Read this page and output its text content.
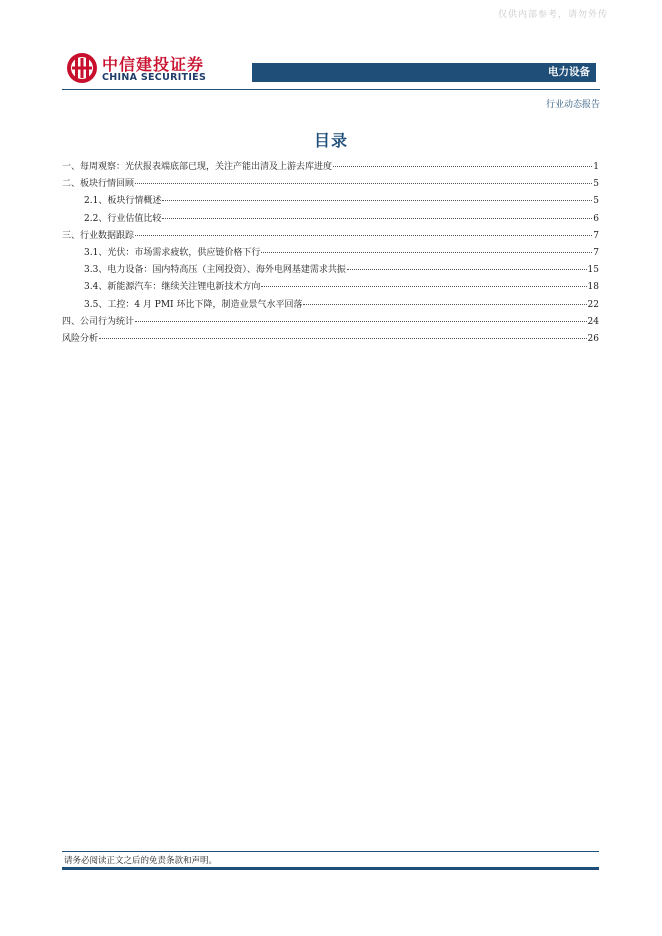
仅供内部参考，请勿外传
中信建投证券
CHINA SECURITIES	电力设备
行业动态报告
目录
一、每周观察：光伏报表端底部已现，关注产能出清及上游去库进度	1
二、板块行情回顾	5
2.1、板块行情概述	5
2.2、行业估值比较	6
三、行业数据跟踪	7
3.1、光伏：市场需求疲软，供应链价格下行	7
3.3、电力设备：国内特高压（主网投资）、海外电网基建需求共振	15
3.4、新能源汽车：继续关注锂电新技术方向	18
3.5、工控：4 月 PMI 环比下降，制造业景气水平回落	22
四、公司行为统计	24
风险分析	26
请务必阅读正文之后的免责条款和声明。
